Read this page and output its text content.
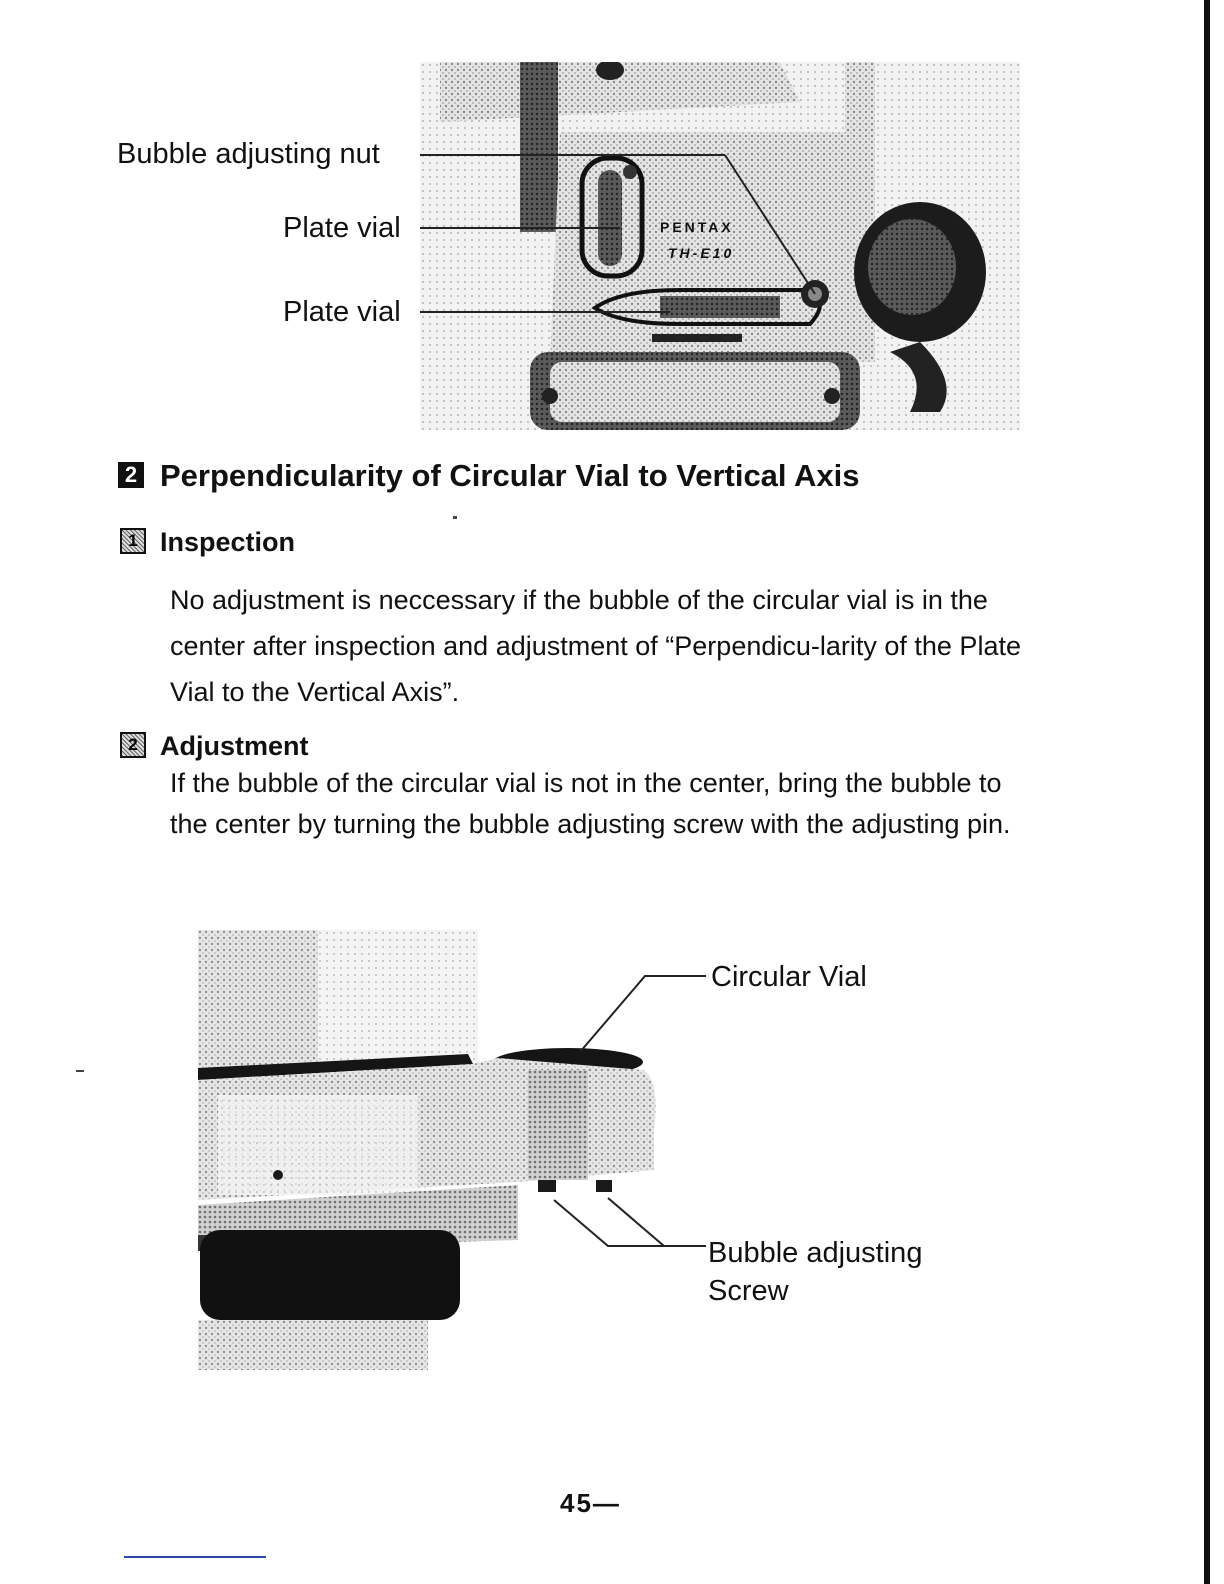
PENTAX
TH-E10
Bubble adjusting nut
Plate vial
Plate vial
2 Perpendicularity of Circular Vial to Vertical Axis
1 Inspection

No adjustment is neccessary if the bubble of the circular vial is in the center after inspection and adjustment of “Perpendicu-larity of the Plate Vial to the Vertical Axis”.

2 Adjustment

If the bubble of the circular vial is not in the center, bring the bubble to the center by turning the bubble adjusting screw with the adjusting pin.

Circular Vial
Bubble adjusting
Screw
45—
